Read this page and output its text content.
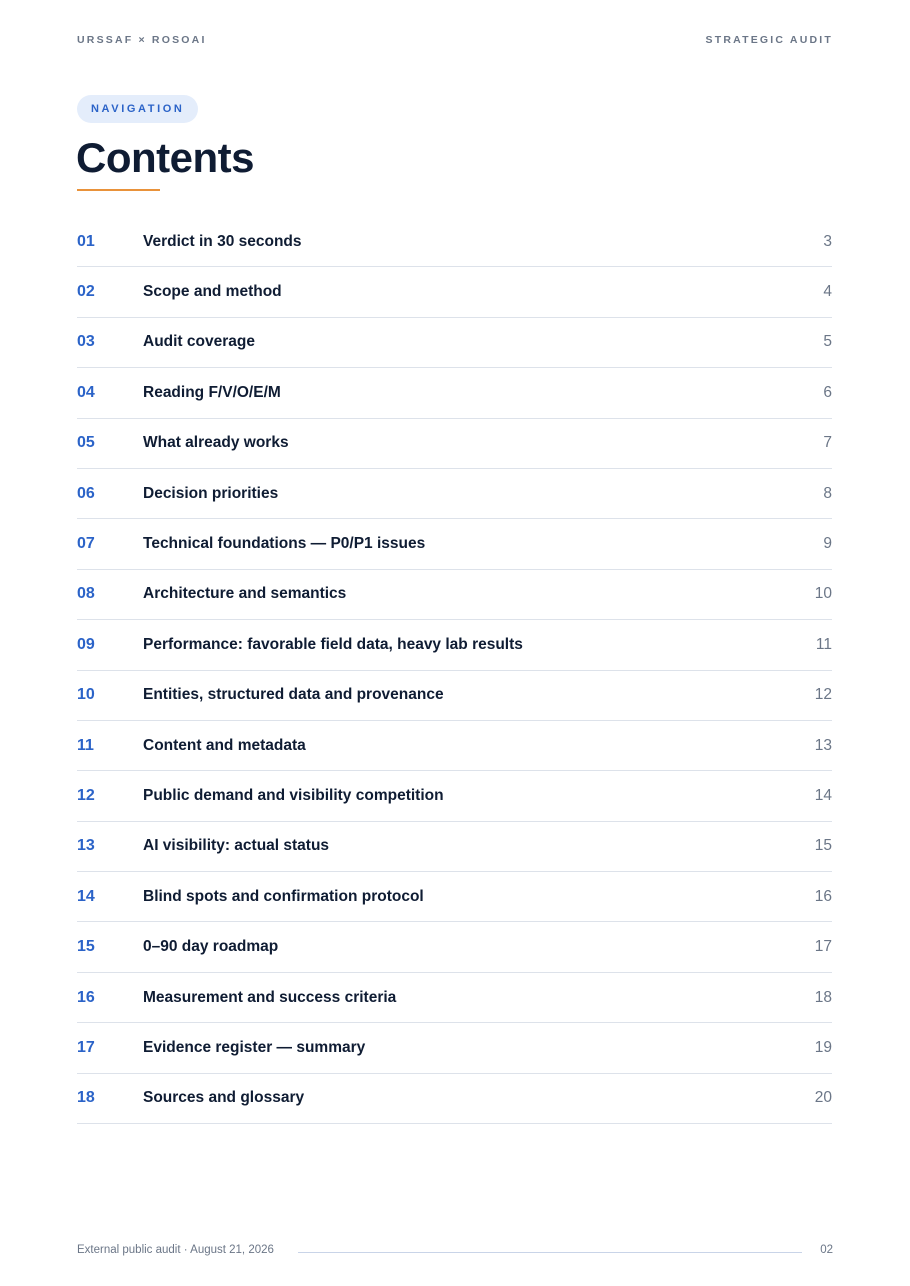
URSSAF × ROSOAI	STRATEGIC AUDIT
NAVIGATION
Contents
01	Verdict in 30 seconds	3
02	Scope and method	4
03	Audit coverage	5
04	Reading F/V/O/E/M	6
05	What already works	7
06	Decision priorities	8
07	Technical foundations — P0/P1 issues	9
08	Architecture and semantics	10
09	Performance: favorable field data, heavy lab results	11
10	Entities, structured data and provenance	12
11	Content and metadata	13
12	Public demand and visibility competition	14
13	AI visibility: actual status	15
14	Blind spots and confirmation protocol	16
15	0–90 day roadmap	17
16	Measurement and success criteria	18
17	Evidence register — summary	19
18	Sources and glossary	20
External public audit · August 21, 2026	02
